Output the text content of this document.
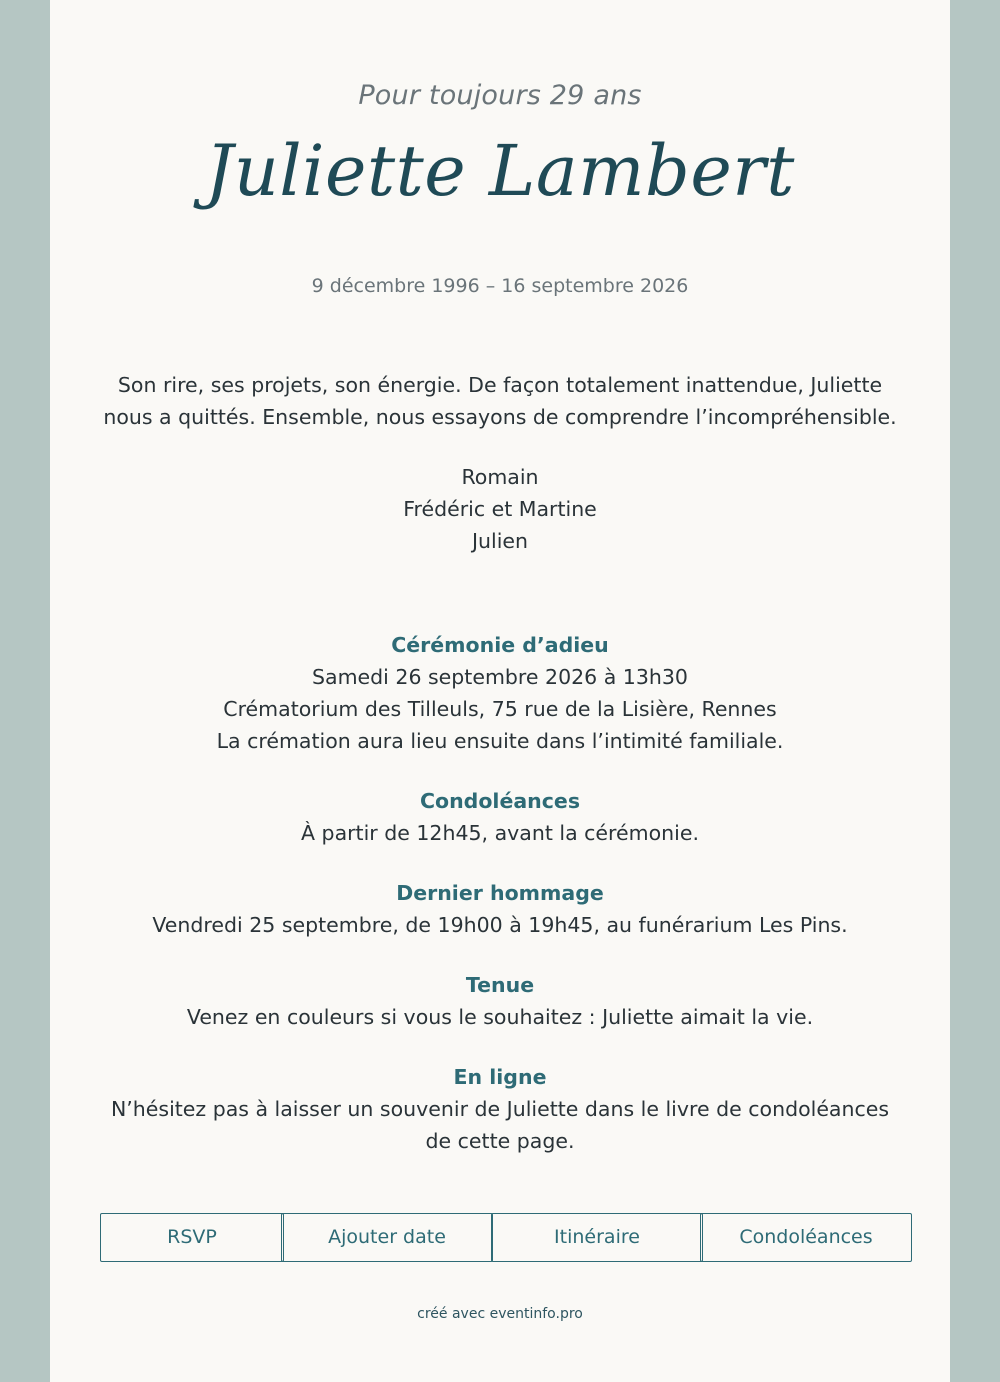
Pour toujours 29 ans
Juliette Lambert
9 décembre 1996 – 16 septembre 2026
Son rire, ses projets, son énergie. De façon totalement inattendue, Juliette nous a quittés. Ensemble, nous essayons de comprendre l’incompréhensible.
Romain
Frédéric et Martine
Julien
Cérémonie d’adieu
Samedi 26 septembre 2026 à 13h30
Crématorium des Tilleuls, 75 rue de la Lisière, Rennes
La crémation aura lieu ensuite dans l’intimité familiale.
Condoléances
À partir de 12h45, avant la cérémonie.
Dernier hommage
Vendredi 25 septembre, de 19h00 à 19h45, au funérarium Les Pins.
Tenue
Venez en couleurs si vous le souhaitez : Juliette aimait la vie.
En ligne
N’hésitez pas à laisser un souvenir de Juliette dans le livre de condoléances de cette page.
RSVP	Ajouter date	Itinéraire	Condoléances
créé avec eventinfo.pro
